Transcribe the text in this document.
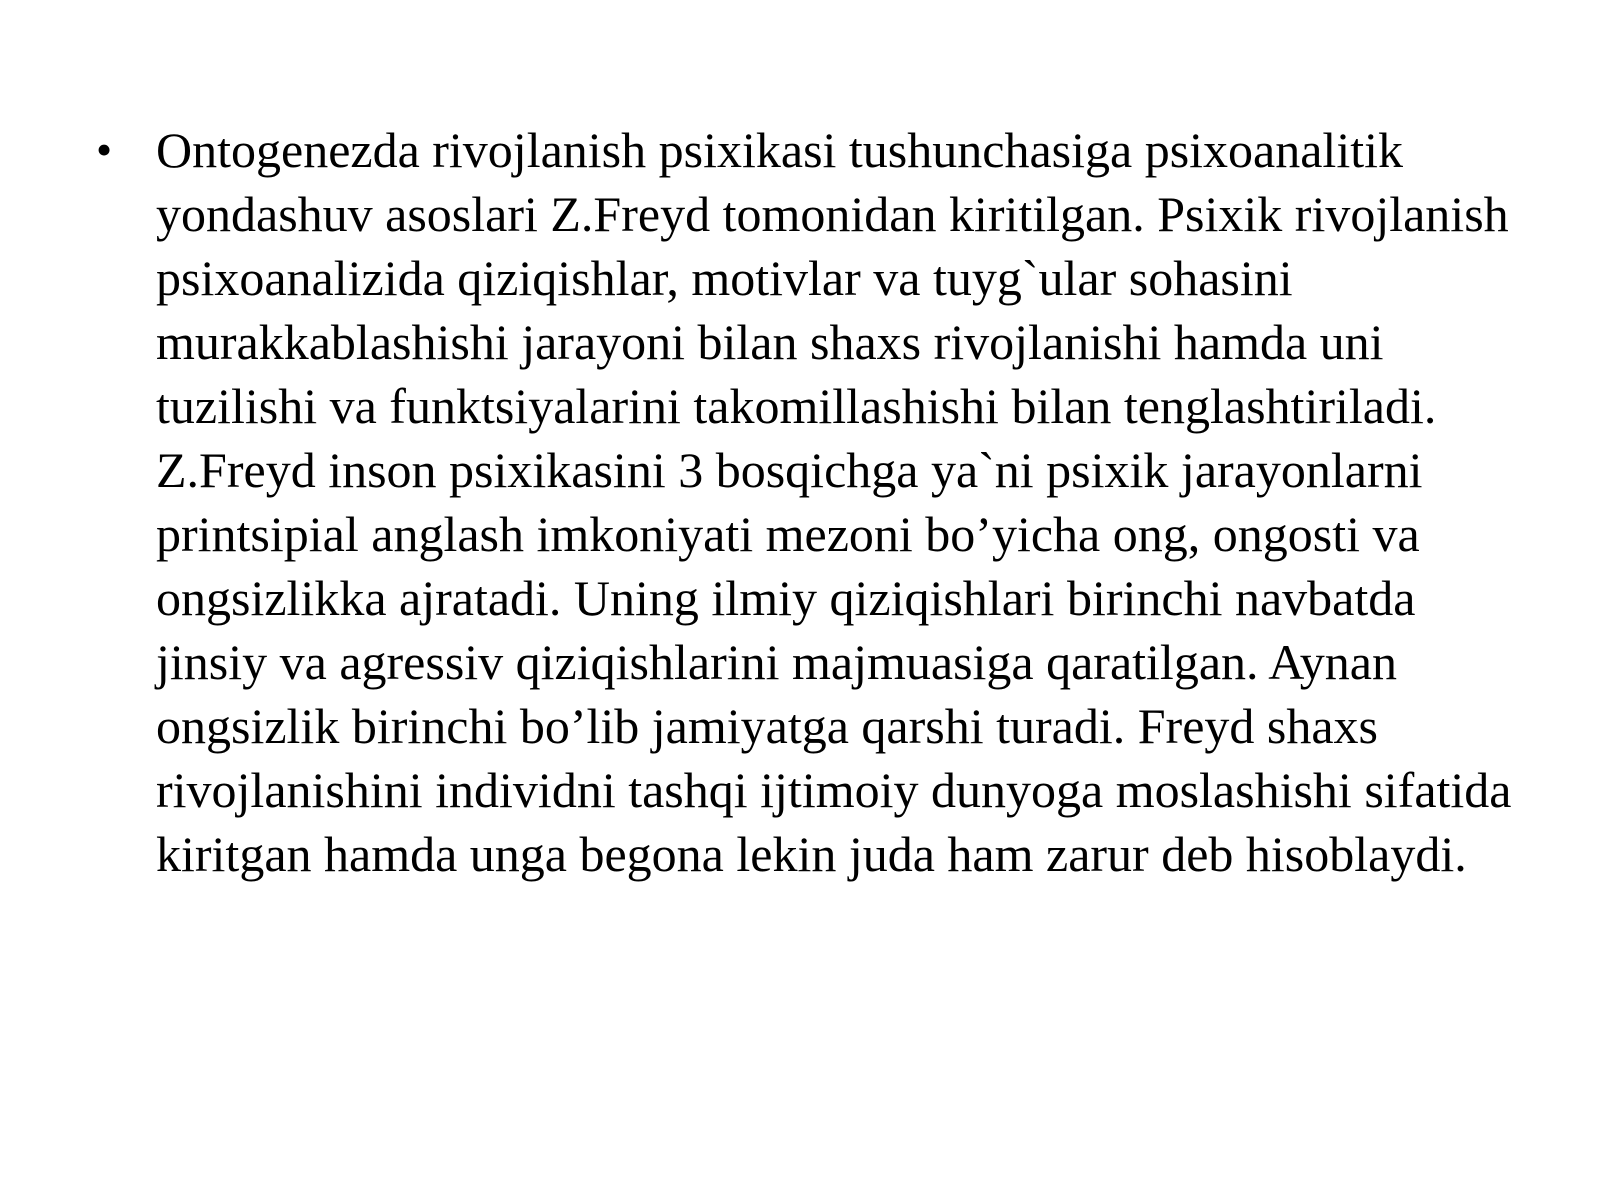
• Ontogenezda rivojlanish psixikasi tushunchasiga psixoanalitik yondashuv asoslari Z.Freyd tomonidan kiritilgan. Psixik rivojlanish psixoanalizida qiziqishlar, motivlar va tuyg`ular sohasini murakkablashishi jarayoni bilan shaxs rivojlanishi hamda uni tuzilishi va funktsiyalarini takomillashishi bilan tenglashtiriladi.

Z.Freyd inson psixikasini 3 bosqichga ya`ni psixik jarayonlarni printsipial anglash imkoniyati mezoni bo’yicha ong, ongosti va ongsizlikka ajratadi. Uning ilmiy qiziqishlari birinchi navbatda jinsiy va agressiv qiziqishlarini majmuasiga qaratilgan. Aynan ongsizlik birinchi bo’lib jamiyatga qarshi turadi. Freyd shaxs rivojlanishini individni tashqi ijtimoiy dunyoga moslashishi sifatida kiritgan hamda unga begona lekin juda ham zarur deb hisoblaydi.
